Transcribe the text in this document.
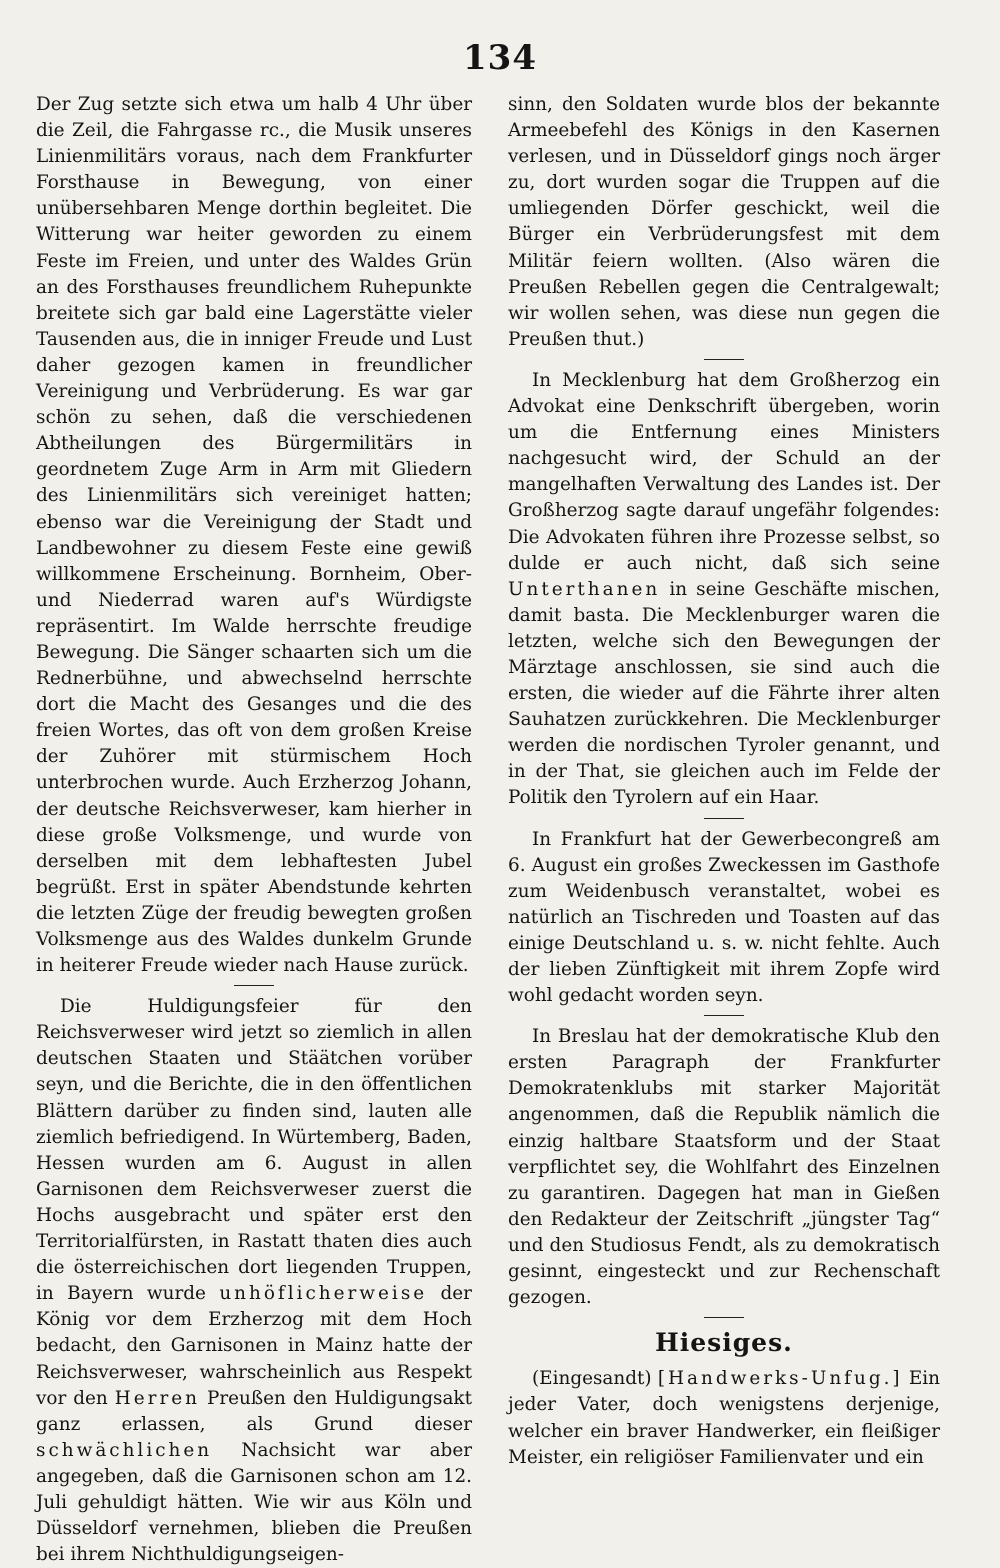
134

Der Zug setzte sich etwa um halb 4 Uhr über die Zeil, die Fahrgasse rc., die Musik unseres Linienmilitärs voraus, nach dem Frankfurter Forsthause in Bewegung, von einer unübersehbaren Menge dorthin begleitet. Die Witterung war heiter geworden zu einem Feste im Freien, und unter des Waldes Grün an des Forsthauses freundlichem Ruhepunkte breitete sich gar bald eine Lagerstätte vieler Tausenden aus, die in inniger Freude und Lust daher gezogen kamen in freundlicher Vereinigung und Verbrüderung. Es war gar schön zu sehen, daß die verschiedenen Abtheilungen des Bürgermilitärs in geordnetem Zuge Arm in Arm mit Gliedern des Linienmilitärs sich vereiniget hatten; ebenso war die Vereinigung der Stadt und Landbewohner zu diesem Feste eine gewiß willkommene Erscheinung. Bornheim, Ober- und Niederrad waren auf's Würdigste repräsentirt. Im Walde herrschte freudige Bewegung. Die Sänger schaarten sich um die Rednerbühne, und abwechselnd herrschte dort die Macht des Gesanges und die des freien Wortes, das oft von dem großen Kreise der Zuhörer mit stürmischem Hoch unterbrochen wurde. Auch Erzherzog Johann, der deutsche Reichsverweser, kam hierher in diese große Volksmenge, und wurde von derselben mit dem lebhaftesten Jubel begrüßt. Erst in später Abendstunde kehrten die letzten Züge der freudig bewegten großen Volksmenge aus des Waldes dunkelm Grunde in heiterer Freude wieder nach Hause zurück.

Die Huldigungsfeier für den Reichsverweser wird jetzt so ziemlich in allen deutschen Staaten und Stäätchen vorüber seyn, und die Berichte, die in den öffentlichen Blättern darüber zu finden sind, lauten alle ziemlich befriedigend. In Würtemberg, Baden, Hessen wurden am 6. August in allen Garnisonen dem Reichsverweser zuerst die Hochs ausgebracht und später erst den Territorialfürsten, in Rastatt thaten dies auch die österreichischen dort liegenden Truppen, in Bayern wurde unhöflicherweise der König vor dem Erzherzog mit dem Hoch bedacht, den Garnisonen in Mainz hatte der Reichsverweser, wahrscheinlich aus Respekt vor den Herren Preußen den Huldigungsakt ganz erlassen, als Grund dieser schwächlichen Nachsicht war aber angegeben, daß die Garnisonen schon am 12. Juli gehuldigt hätten. Wie wir aus Köln und Düsseldorf vernehmen, blieben die Preußen bei ihrem Nichthuldigungseigen-

sinn, den Soldaten wurde blos der bekannte Armeebefehl des Königs in den Kasernen verlesen, und in Düsseldorf gings noch ärger zu, dort wurden sogar die Truppen auf die umliegenden Dörfer geschickt, weil die Bürger ein Verbrüderungsfest mit dem Militär feiern wollten. (Also wären die Preußen Rebellen gegen die Centralgewalt; wir wollen sehen, was diese nun gegen die Preußen thut.)

In Mecklenburg hat dem Großherzog ein Advokat eine Denkschrift übergeben, worin um die Entfernung eines Ministers nachgesucht wird, der Schuld an der mangelhaften Verwaltung des Landes ist. Der Großherzog sagte darauf ungefähr folgendes: Die Advokaten führen ihre Prozesse selbst, so dulde er auch nicht, daß sich seine Unterthanen in seine Geschäfte mischen, damit basta. Die Mecklenburger waren die letzten, welche sich den Bewegungen der Märztage anschlossen, sie sind auch die ersten, die wieder auf die Fährte ihrer alten Sauhatzen zurückkehren. Die Mecklenburger werden die nordischen Tyroler genannt, und in der That, sie gleichen auch im Felde der Politik den Tyrolern auf ein Haar.

In Frankfurt hat der Gewerbecongreß am 6. August ein großes Zweckessen im Gasthofe zum Weidenbusch veranstaltet, wobei es natürlich an Tischreden und Toasten auf das einige Deutschland u. s. w. nicht fehlte. Auch der lieben Zünftigkeit mit ihrem Zopfe wird wohl gedacht worden seyn.

In Breslau hat der demokratische Klub den ersten Paragraph der Frankfurter Demokratenklubs mit starker Majorität angenommen, daß die Republik nämlich die einzig haltbare Staatsform und der Staat verpflichtet sey, die Wohlfahrt des Einzelnen zu garantiren. Dagegen hat man in Gießen den Redakteur der Zeitschrift „jüngster Tag“ und den Studiosus Fendt, als zu demokratisch gesinnt, eingesteckt und zur Rechenschaft gezogen.

Hiesiges.

(Eingesandt) [Handwerks-Unfug.] Ein jeder Vater, doch wenigstens derjenige, welcher ein braver Handwerker, ein fleißiger Meister, ein religiöser Familienvater und ein
